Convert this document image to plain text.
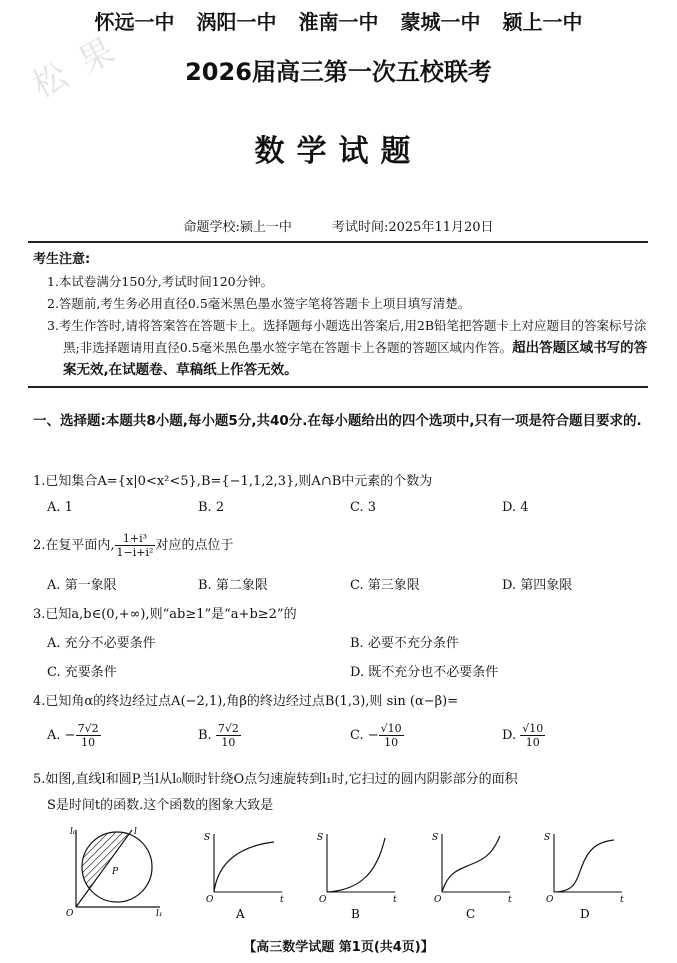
松 果
怀远一中 涡阳一中 淮南一中 蒙城一中 颍上一中
2026届高三第一次五校联考
数学试题
命题学校:颍上一中	考试时间:2025年11月20日
考生注意:
1.本试卷满分150分,考试时间120分钟。
2.答题前,考生务必用直径0.5毫米黑色墨水签字笔将答题卡上项目填写清楚。
3.考生作答时,请将答案答在答题卡上。选择题每小题选出答案后,用2B铅笔把答题卡上对应题目的答案标号涂黑;非选择题请用直径0.5毫米黑色墨水签字笔在答题卡上各题的答题区域内作答。超出答题区域书写的答案无效,在试题卷、草稿纸上作答无效。
一、选择题:本题共8小题,每小题5分,共40分.在每小题给出的四个选项中,只有一项是符合题目要求的.
1.已知集合A={x|0<x²<5},B={−1,1,2,3},则A∩B中元素的个数为
A. 1	B. 2	C. 3	D. 4
2.在复平面内, $\frac{\text{1+i³}}{\text{1−i+i²}}$ 对应的点位于
A. 第一象限	B. 第二象限	C. 第三象限	D. 第四象限
3.已知a,b∈(0,+∞),则“ab≥1”是“a+b≥2”的
A. 充分不必要条件	B. 必要不充分条件
C. 充要条件	D. 既不充分也不必要条件
4.已知角α的终边经过点A(−2,1),角β的终边经过点B(1,3),则 sin (α−β)=
A. − $\frac{7√2}{10}$	B. $\frac{7√2}{10}$	C. − $\frac{√10}{10}$	D. $\frac{√10}{10}$
5.如图,直线l和圆P,当l从l₀顺时针绕O点匀速旋转到l₁时,它扫过的圆内阴影部分的面积
S是时间t的函数.这个函数的图象大致是
l₀	l
l₁
P
O
S
O	t
A
S
O	t
B
S
O	t
C
S
O	t
D
【高三数学试题 第1页(共4页)】
